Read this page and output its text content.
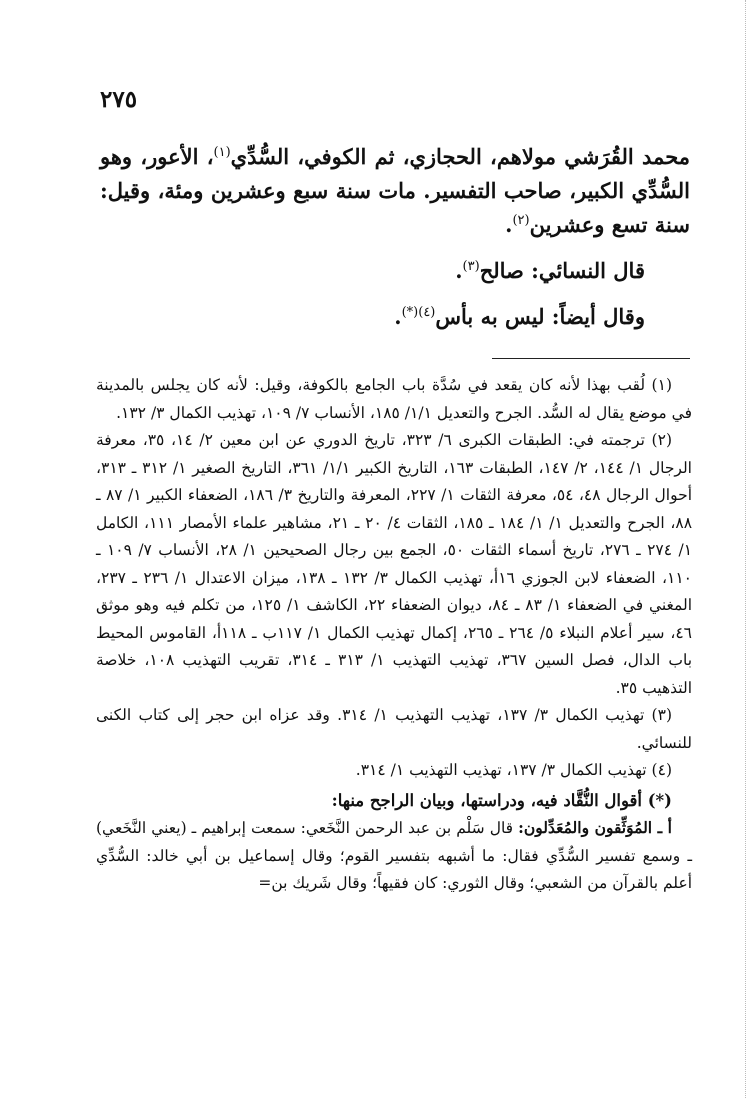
٢٧٥

محمد القُرَشي مولاهم، الحجازي، ثم الكوفي، السُّدِّي$^{(١)}$، الأعور، وهو السُّدِّي الكبير، صاحب التفسير. مات سنة سبع وعشرين ومئة، وقيل: سنة تسع وعشرين$^{(٢)}$.

قال النسائي: صالح$^{(٣)}$.

وقال أيضاً: ليس به بأس$^{(٤)(*)}$.

(١) لُقب بهذا لأنه كان يقعد في سُدَّة باب الجامع بالكوفة، وقيل: لأنه كان يجلس بالمدينة في موضع يقال له السُّد. الجرح والتعديل ١/١/ ١٨٥، الأنساب ٧/ ١٠٩، تهذيب الكمال ٣/ ١٣٢.

(٢) ترجمته في: الطبقات الكبرى ٦/ ٣٢٣، تاريخ الدوري عن ابن معين ٢/ ١٤، ٣٥، معرفة الرجال ١/ ١٤٤، ٢/ ١٤٧، الطبقات ١٦٣، التاريخ الكبير ١/١/ ٣٦١، التاريخ الصغير ١/ ٣١٢ ـ ٣١٣، أحوال الرجال ٤٨، ٥٤، معرفة الثقات ١/ ٢٢٧، المعرفة والتاريخ ٣/ ١٨٦، الضعفاء الكبير ١/ ٨٧ ـ ٨٨، الجرح والتعديل ١/ ١/ ١٨٤ ـ ١٨٥، الثقات ٤/ ٢٠ ـ ٢١، مشاهير علماء الأمصار ١١١، الكامل ١/ ٢٧٤ ـ ٢٧٦، تاريخ أسماء الثقات ٥٠، الجمع بين رجال الصحيحين ١/ ٢٨، الأنساب ٧/ ١٠٩ ـ ١١٠، الضعفاء لابن الجوزي ١٦أ، تهذيب الكمال ٣/ ١٣٢ ـ ١٣٨، ميزان الاعتدال ١/ ٢٣٦ ـ ٢٣٧، المغني في الضعفاء ١/ ٨٣ ـ ٨٤، ديوان الضعفاء ٢٢، الكاشف ١/ ١٢٥، من تكلم فيه وهو موثق ٤٦، سير أعلام النبلاء ٥/ ٢٦٤ ـ ٢٦٥، إكمال تهذيب الكمال ١/ ١١٧ب ـ ١١٨أ، القاموس المحيط باب الدال، فصل السين ٣٦٧، تهذيب التهذيب ١/ ٣١٣ ـ ٣١٤، تقريب التهذيب ١٠٨، خلاصة التذهيب ٣٥.

(٣) تهذيب الكمال ٣/ ١٣٧، تهذيب التهذيب ١/ ٣١٤. وقد عزاه ابن حجر إلى كتاب الكنى للنسائي.

(٤) تهذيب الكمال ٣/ ١٣٧، تهذيب التهذيب ١/ ٣١٤.

(*) أقوال النُّقَّاد فيه، ودراستها، وبيان الراجح منها:

أ ـ المُوَثِّقون والمُعَدِّلون: قال سَلْم بن عبد الرحمن النَّخَعي: سمعت إبراهيم ـ (يعني النَّخَعي) ـ وسمع تفسير السُّدِّي فقال: ما أشبهه بتفسير القوم؛ وقال إسماعيل بن أبي خالد: السُّدِّي أعلم بالقرآن من الشعبي؛ وقال الثوري: كان فقيهاً؛ وقال شَريك بن=
